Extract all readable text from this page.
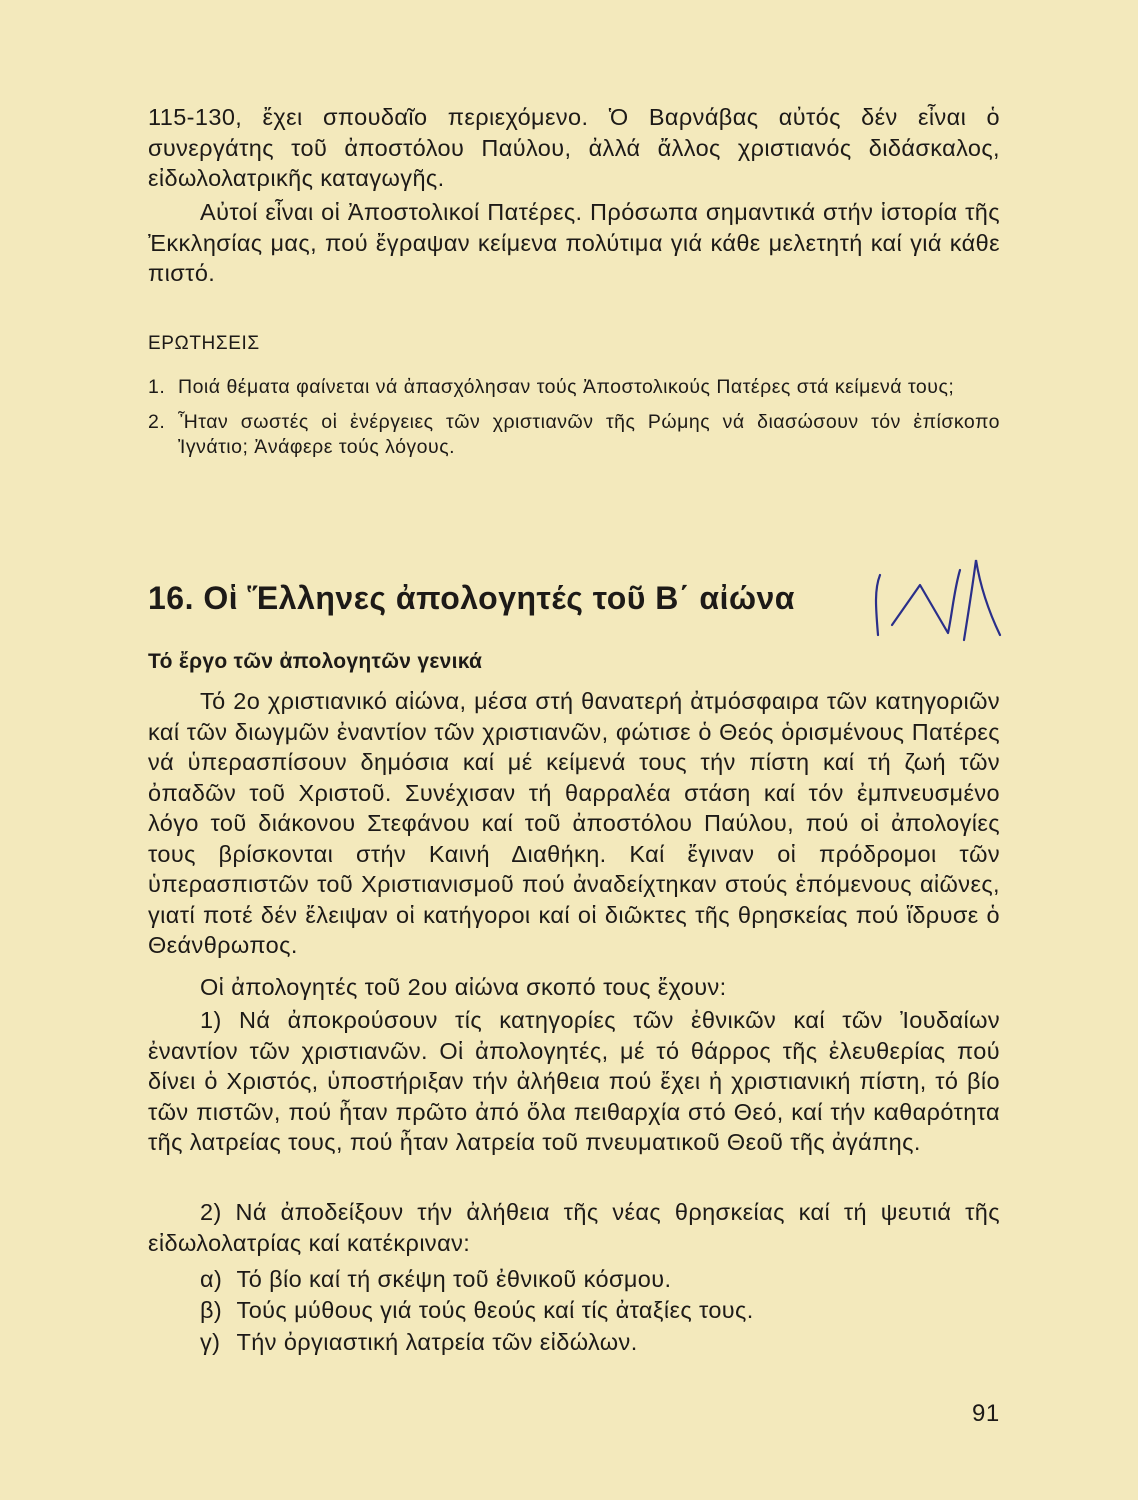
115-130, ἔχει σπουδαῖο περιεχόμενο. Ὁ Βαρνάβας αὐτός δέν εἶναι ὁ συνεργάτης τοῦ ἀποστόλου Παύλου, ἀλλά ἄλλος χριστιανός διδάσκαλος, εἰδωλολατρικῆς καταγωγῆς.

Αὐτοί εἶναι οἱ Ἀποστολικοί Πατέρες. Πρόσωπα σημαντικά στήν ἱστορία τῆς Ἐκκλησίας μας, πού ἔγραψαν κείμενα πολύτιμα γιά κάθε μελετητή καί γιά κάθε πιστό.

ΕΡΩΤΗΣΕΙΣ

1. Ποιά θέματα φαίνεται νά ἀπασχόλησαν τούς Ἀποστολικούς Πατέρες στά κείμενά τους;
2. Ἦταν σωστές οἱ ἐνέργειες τῶν χριστιανῶν τῆς Ρώμης νά διασώσουν τόν ἐπίσκοπο Ἰγνάτιο; Ἀνάφερε τούς λόγους.
16. Οἱ Ἕλληνες ἀπολογητές τοῦ Β΄ αἰώνα
Τό ἔργο τῶν ἀπολογητῶν γενικά

Τό 2ο χριστιανικό αἰώνα, μέσα στή θανατερή ἀτμόσφαιρα τῶν κατηγοριῶν καί τῶν διωγμῶν ἐναντίον τῶν χριστιανῶν, φώτισε ὁ Θεός ὁρισμένους Πατέρες νά ὑπερασπίσουν δημόσια καί μέ κείμενά τους τήν πίστη καί τή ζωή τῶν ὀπαδῶν τοῦ Χριστοῦ. Συνέχισαν τή θαρραλέα στάση καί τόν ἐμπνευσμένο λόγο τοῦ διάκονου Στεφάνου καί τοῦ ἀποστόλου Παύλου, πού οἱ ἀπολογίες τους βρίσκονται στήν Καινή Διαθήκη. Καί ἔγιναν οἱ πρόδρομοι τῶν ὑπερασπιστῶν τοῦ Χριστιανισμοῦ πού ἀναδείχτηκαν στούς ἑπόμενους αἰῶνες, γιατί ποτέ δέν ἔλειψαν οἱ κατήγοροι καί οἱ διῶκτες τῆς θρησκείας πού ἵδρυσε ὁ Θεάνθρωπος.

Οἱ ἀπολογητές τοῦ 2ου αἰώνα σκοπό τους ἔχουν:

1) Νά ἀποκρούσουν τίς κατηγορίες τῶν ἐθνικῶν καί τῶν Ἰουδαίων ἐναντίον τῶν χριστιανῶν. Οἱ ἀπολογητές, μέ τό θάρρος τῆς ἐλευθερίας πού δίνει ὁ Χριστός, ὑποστήριξαν τήν ἀλήθεια πού ἔχει ἡ χριστιανική πίστη, τό βίο τῶν πιστῶν, πού ἦταν πρῶτο ἀπό ὅλα πειθαρχία στό Θεό, καί τήν καθαρότητα τῆς λατρείας τους, πού ἦταν λατρεία τοῦ πνευματικοῦ Θεοῦ τῆς ἀγάπης.

2) Νά ἀποδείξουν τήν ἀλήθεια τῆς νέας θρησκείας καί τή ψευτιά τῆς εἰδωλολατρίας καί κατέκριναν:

α) Τό βίο καί τή σκέψη τοῦ ἐθνικοῦ κόσμου.

β) Τούς μύθους γιά τούς θεούς καί τίς ἀταξίες τους.

γ) Τήν ὀργιαστική λατρεία τῶν εἰδώλων.

91
